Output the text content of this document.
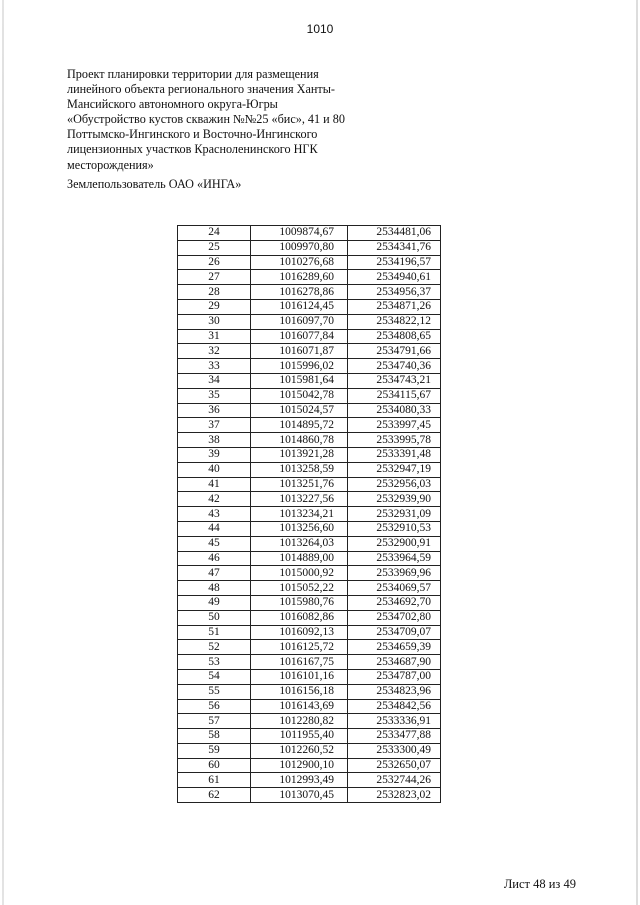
1010
Проект планировки территории для размещения
линейного объекта регионального значения Ханты-
Мансийского автономного округа-Югры
«Обустройство кустов скважин №№25 «бис», 41 и 80
Поттымско-Ингинского и Восточно-Ингинского
лицензионных участков Красноленинского НГК
месторождения»
Землепользователь ОАО «ИНГА»
24	1009874,67	2534481,06
25	1009970,80	2534341,76
26	1010276,68	2534196,57
27	1016289,60	2534940,61
28	1016278,86	2534956,37
29	1016124,45	2534871,26
30	1016097,70	2534822,12
31	1016077,84	2534808,65
32	1016071,87	2534791,66
33	1015996,02	2534740,36
34	1015981,64	2534743,21
35	1015042,78	2534115,67
36	1015024,57	2534080,33
37	1014895,72	2533997,45
38	1014860,78	2533995,78
39	1013921,28	2533391,48
40	1013258,59	2532947,19
41	1013251,76	2532956,03
42	1013227,56	2532939,90
43	1013234,21	2532931,09
44	1013256,60	2532910,53
45	1013264,03	2532900,91
46	1014889,00	2533964,59
47	1015000,92	2533969,96
48	1015052,22	2534069,57
49	1015980,76	2534692,70
50	1016082,86	2534702,80
51	1016092,13	2534709,07
52	1016125,72	2534659,39
53	1016167,75	2534687,90
54	1016101,16	2534787,00
55	1016156,18	2534823,96
56	1016143,69	2534842,56
57	1012280,82	2533336,91
58	1011955,40	2533477,88
59	1012260,52	2533300,49
60	1012900,10	2532650,07
61	1012993,49	2532744,26
62	1013070,45	2532823,02
Лист 48 из 49
